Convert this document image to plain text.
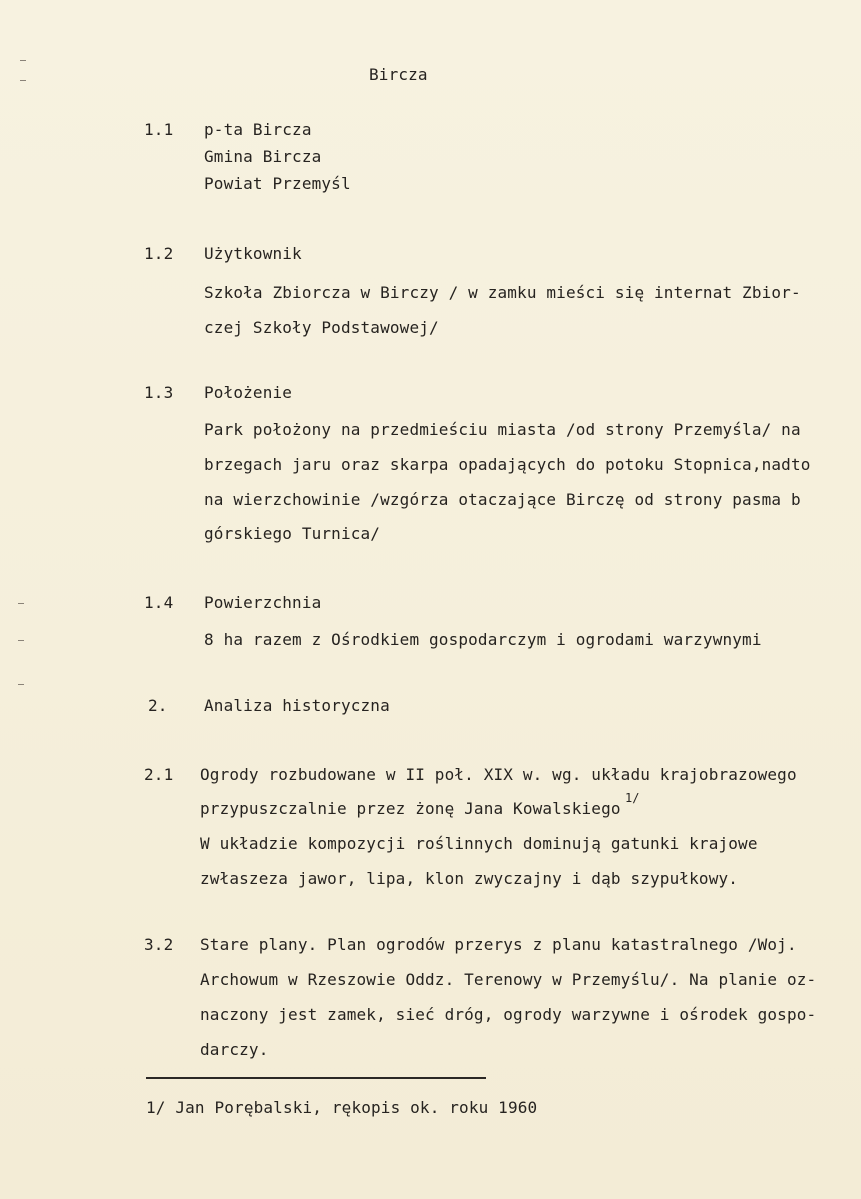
Bircza
1.1 p-ta Bircza
Gmina Bircza
Powiat Przemyśl
1.2 Użytkownik
Szkoła Zbiorcza w Birczy / w zamku mieści się internat Zbior-
czej Szkoły Podstawowej/
1.3 Położenie
Park położony na przedmieściu miasta /od strony Przemyśla/ na
brzegach jaru oraz skarpa opadających do potoku Stopnica,nadto
na wierzchowinie /wzgórza otaczające Birczę od strony pasma b
górskiego Turnica/
1.4 Powierzchnia
8 ha razem z Ośrodkiem gospodarczym i ogrodami warzywnymi
2. Analiza historyczna
2.1 Ogrody rozbudowane w II poł. XIX w. wg. układu krajobrazowego
przypuszczalnie przez żonę Jana Kowalskiego
1/
W układzie kompozycji roślinnych dominują gatunki krajowe
zwłaszeza jawor, lipa, klon zwyczajny i dąb szypułkowy.
3.2 Stare plany. Plan ogrodów przerys z planu katastralnego /Woj.
Archowum w Rzeszowie Oddz. Terenowy w Przemyślu/. Na planie oz-
naczony jest zamek, sieć dróg, ogrody warzywne i ośrodek gospo-
darczy.
1/ Jan Porębalski, rękopis ok. roku 1960
